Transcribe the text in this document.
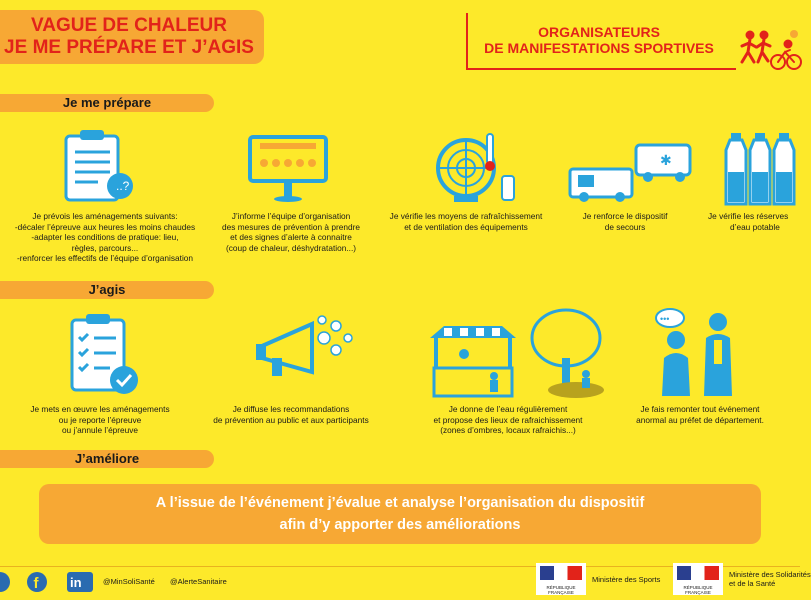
VAGUE DE CHALEUR
JE ME PRÉPARE ET J’AGIS
ORGANISATEURS
DE MANIFESTATIONS SPORTIVES
Je me prépare
..?
✱
Je prévois les aménagements suivants:
-décaler l’épreuve aux heures les moins chaudes
-adapter les conditions de pratique: lieu,
règles, parcours...
-renforcer les effectifs de l’équipe d’organisation
J’informe l’équipe d’organisation
des mesures de prévention à prendre
et des signes d’alerte à connaitre
(coup de chaleur, déshydratation...)
Je vérifie les moyens de rafraîchissement
et de ventilation des équipements
Je renforce le dispositif
de secours
Je vérifie les réserves
d’eau potable
J’agis
•••
Je mets en œuvre les aménagements
ou je reporte l’épreuve
ou j’annule l’épreuve
Je diffuse les recommandations
de prévention au public et aux participants
Je donne de l’eau régulièrement
et propose des lieux de rafraichissement
(zones d’ombres, locaux rafraichis...)
Je fais remonter tout événement
anormal au préfet de département.
J’améliore
A l’issue de l’événement j’évalue et analyse l’organisation du dispositif
afin d’y apporter des améliorations
f in	@MinSoliSanté @AlerteSanitaire
RÉPUBLIQUE FRANÇAISE
Ministère des Sports
RÉPUBLIQUE FRANÇAISE
Ministère des Solidarités
et de la Santé
